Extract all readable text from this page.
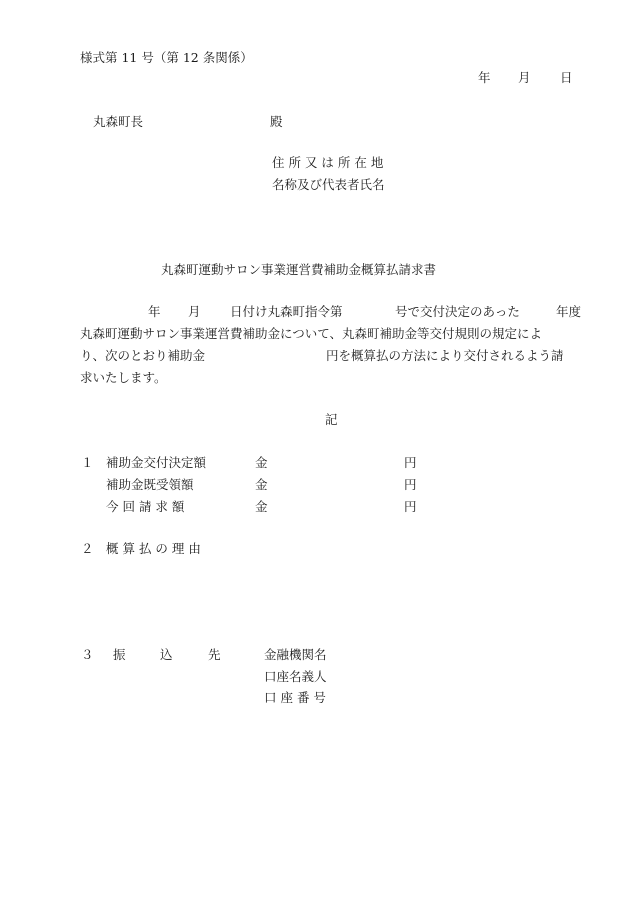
様式第 11 号（第 12 条関係）
年 月 日
丸森町長	殿
住 所 又 は 所 在 地
名称及び代表者氏名
丸森町運動サロン事業運営費補助金概算払請求書
年 月 日付け丸森町指令第	号で交付決定のあった	年度
丸森町運動サロン事業運営費補助金について、丸森町補助金等交付規則の規定によ
り、次のとおり補助金	円を概算払の方法により交付されるよう請
求いたします。
記
１ 補助金交付決定額	金	円
補助金既受領額	金	円
今 回 請 求 額	金	円
２ 概 算 払 の 理 由
３ 振	込	先	金融機関名
口座名義人
口 座 番 号
